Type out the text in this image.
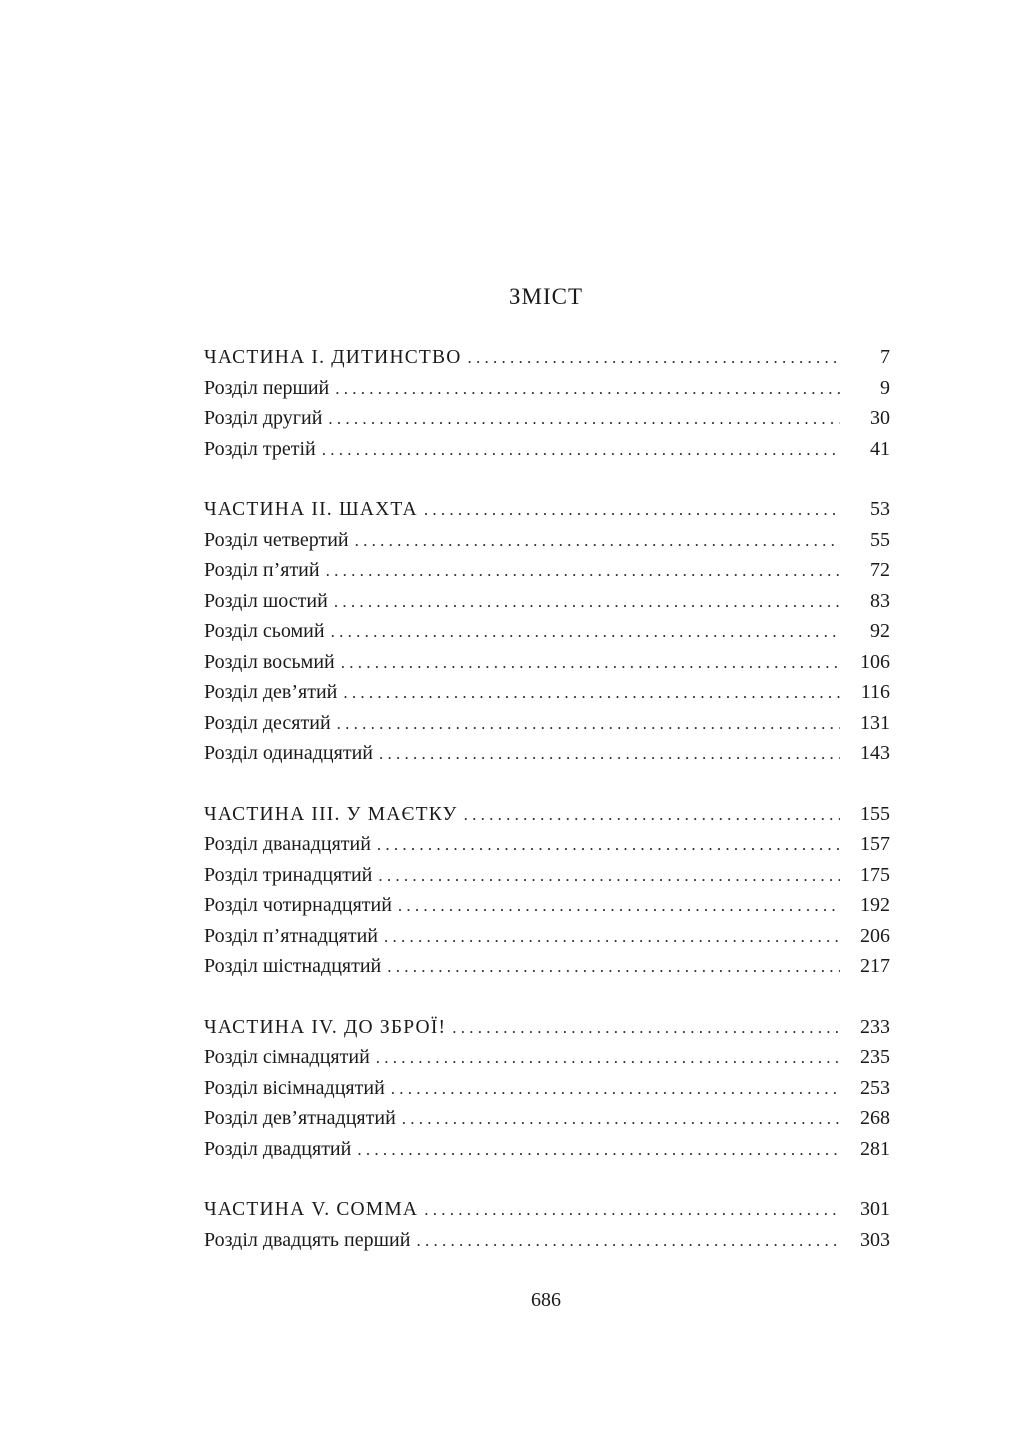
ЗМІСТ
ЧАСТИНА І. ДИТИНСТВО . . .	7
Розділ перший . . .	9
Розділ другий . . .	30
Розділ третій . . .	41
ЧАСТИНА ІІ. ШАХТА . . .	53
Розділ четвертий . . .	55
Розділ п’ятий . . .	72
Розділ шостий . . .	83
Розділ сьомий . . .	92
Розділ восьмий . . .	106
Розділ дев’ятий . . .	116
Розділ десятий . . .	131
Розділ одинадцятий . . .	143
ЧАСТИНА ІІІ. У МАЄТКУ . . .	155
Розділ дванадцятий . . .	157
Розділ тринадцятий . . .	175
Розділ чотирнадцятий . . .	192
Розділ п’ятнадцятий . . .	206
Розділ шістнадцятий . . .	217
ЧАСТИНА IV. ДО ЗБРОЇ! . . .	233
Розділ сімнадцятий . . .	235
Розділ вісімнадцятий . . .	253
Розділ дев’ятнадцятий . . .	268
Розділ двадцятий . . .	281
ЧАСТИНА V. СОММА . . .	301
Розділ двадцять перший . . .	303
686
